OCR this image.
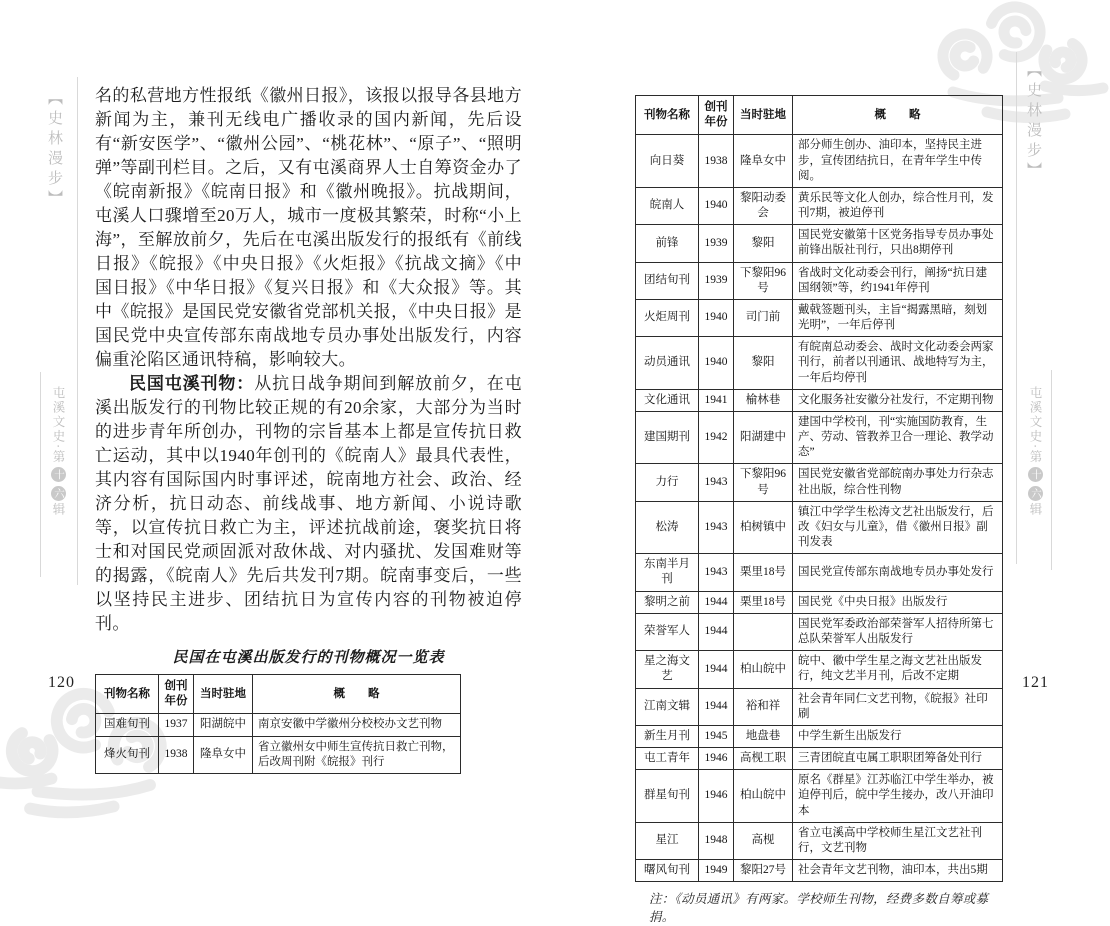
【史林漫步】
屯溪文史·第十六辑
【史林漫步】
屯溪文史·第十六辑

名的私营地方性报纸《徽州日报》，该报以报导各县地方新闻为主，兼刊无线电广播收录的国内新闻，先后设有“新安医学”、“徽州公园”、“桃花林”、“原子”、“照明弹”等副刊栏目。之后，又有屯溪商界人士自筹资金办了《皖南新报》《皖南日报》和《徽州晚报》。抗战期间，屯溪人口骤增至20万人，城市一度极其繁荣，时称“小上海”，至解放前夕，先后在屯溪出版发行的报纸有《前线日报》《皖报》《中央日报》《火炬报》《抗战文摘》《中国日报》《中华日报》《复兴日报》和《大众报》等。其中《皖报》是国民党安徽省党部机关报，《中央日报》是国民党中央宣传部东南战地专员办事处出版发行，内容偏重沦陷区通讯特稿，影响较大。

民国屯溪刊物：从抗日战争期间到解放前夕，在屯溪出版发行的刊物比较正规的有20余家，大部分为当时的进步青年所创办，刊物的宗旨基本上都是宣传抗日救亡运动，其中以1940年创刊的《皖南人》最具代表性，其内容有国际国内时事评述，皖南地方社会、政治、经济分析，抗日动态、前线战事、地方新闻、小说诗歌等，以宣传抗日救亡为主，评述抗战前途，褒奖抗日将士和对国民党顽固派对敌休战、对内骚扰、发国难财等的揭露，《皖南人》先后共发刊7期。皖南事变后，一些以坚持民主进步、团结抗日为宣传内容的刊物被迫停刊。

民国在屯溪出版发行的刊物概况一览表
刊物名称	创刊年份	当时驻地	概　　略
国难旬刊	1937	阳湖皖中	南京安徽中学徽州分校校办文艺刊物
烽火旬刊	1938	隆阜女中	省立徽州女中师生宣传抗日救亡刊物，后改周刊附《皖报》刊行
刊物名称	创刊年份	当时驻地	概　　略
向日葵	1938	隆阜女中	部分师生创办、油印本，坚持民主进步，宣传团结抗日，在青年学生中传阅。
皖南人	1940	黎阳动委会	黄乐民等文化人创办，综合性月刊，发刊7期，被迫停刊
前锋	1939	黎阳	国民党安徽第十区党务指导专员办事处前锋出版社刊行，只出8期停刊
团结旬刊	1939	下黎阳96号	省战时文化动委会刊行，阐扬“抗日建国纲领”等，约1941年停刊
火炬周刊	1940	司门前	戴戟签题刊头，主旨“揭露黑暗，刻划光明”，一年后停刊
动员通讯	1940	黎阳	有皖南总动委会、战时文化动委会两家刊行，前者以刊通讯、战地特写为主，一年后均停刊
文化通讯	1941	榆林巷	文化服务社安徽分社发行，不定期刊物
建国期刊	1942	阳湖建中	建国中学校刊，刊“实施国防教育，生产、劳动、管教养卫合一理论、教学动态”
力行	1943	下黎阳96号	国民党安徽省党部皖南办事处力行杂志社出版，综合性刊物
松涛	1943	柏树镇中	镇江中学学生松涛文艺社出版发行，后改《妇女与儿童》，借《徽州日报》副刊发表
东南半月刊	1943	栗里18号	国民党宣传部东南战地专员办事处发行
黎明之前	1944	栗里18号	国民党《中央日报》出版发行
荣誉军人	1944		国民党军委政治部荣誉军人招待所第七总队荣誉军人出版发行
星之海文艺	1944	柏山皖中	皖中、徽中学生星之海文艺社出版发行，纯文艺半月刊，后改不定期
江南文辑	1944	裕和祥	社会青年同仁文艺刊物，《皖报》社印刷
新生月刊	1945	地盘巷	中学生新生出版发行
屯工青年	1946	高枧工职	三青团皖直屯属工职职团筹备处刊行
群星旬刊	1946	柏山皖中	原名《群星》江苏临江中学生举办，被迫停刊后，皖中学生接办，改八开油印本
星江	1948	高枧	省立屯溪高中学校师生星江文艺社刊行，文艺刊物
曙风旬刊	1949	黎阳27号	社会青年文艺刊物，油印本，共出5期

注：《动员通讯》有两家。学校师生刊物，经费多数自筹或募捐。

120	121
